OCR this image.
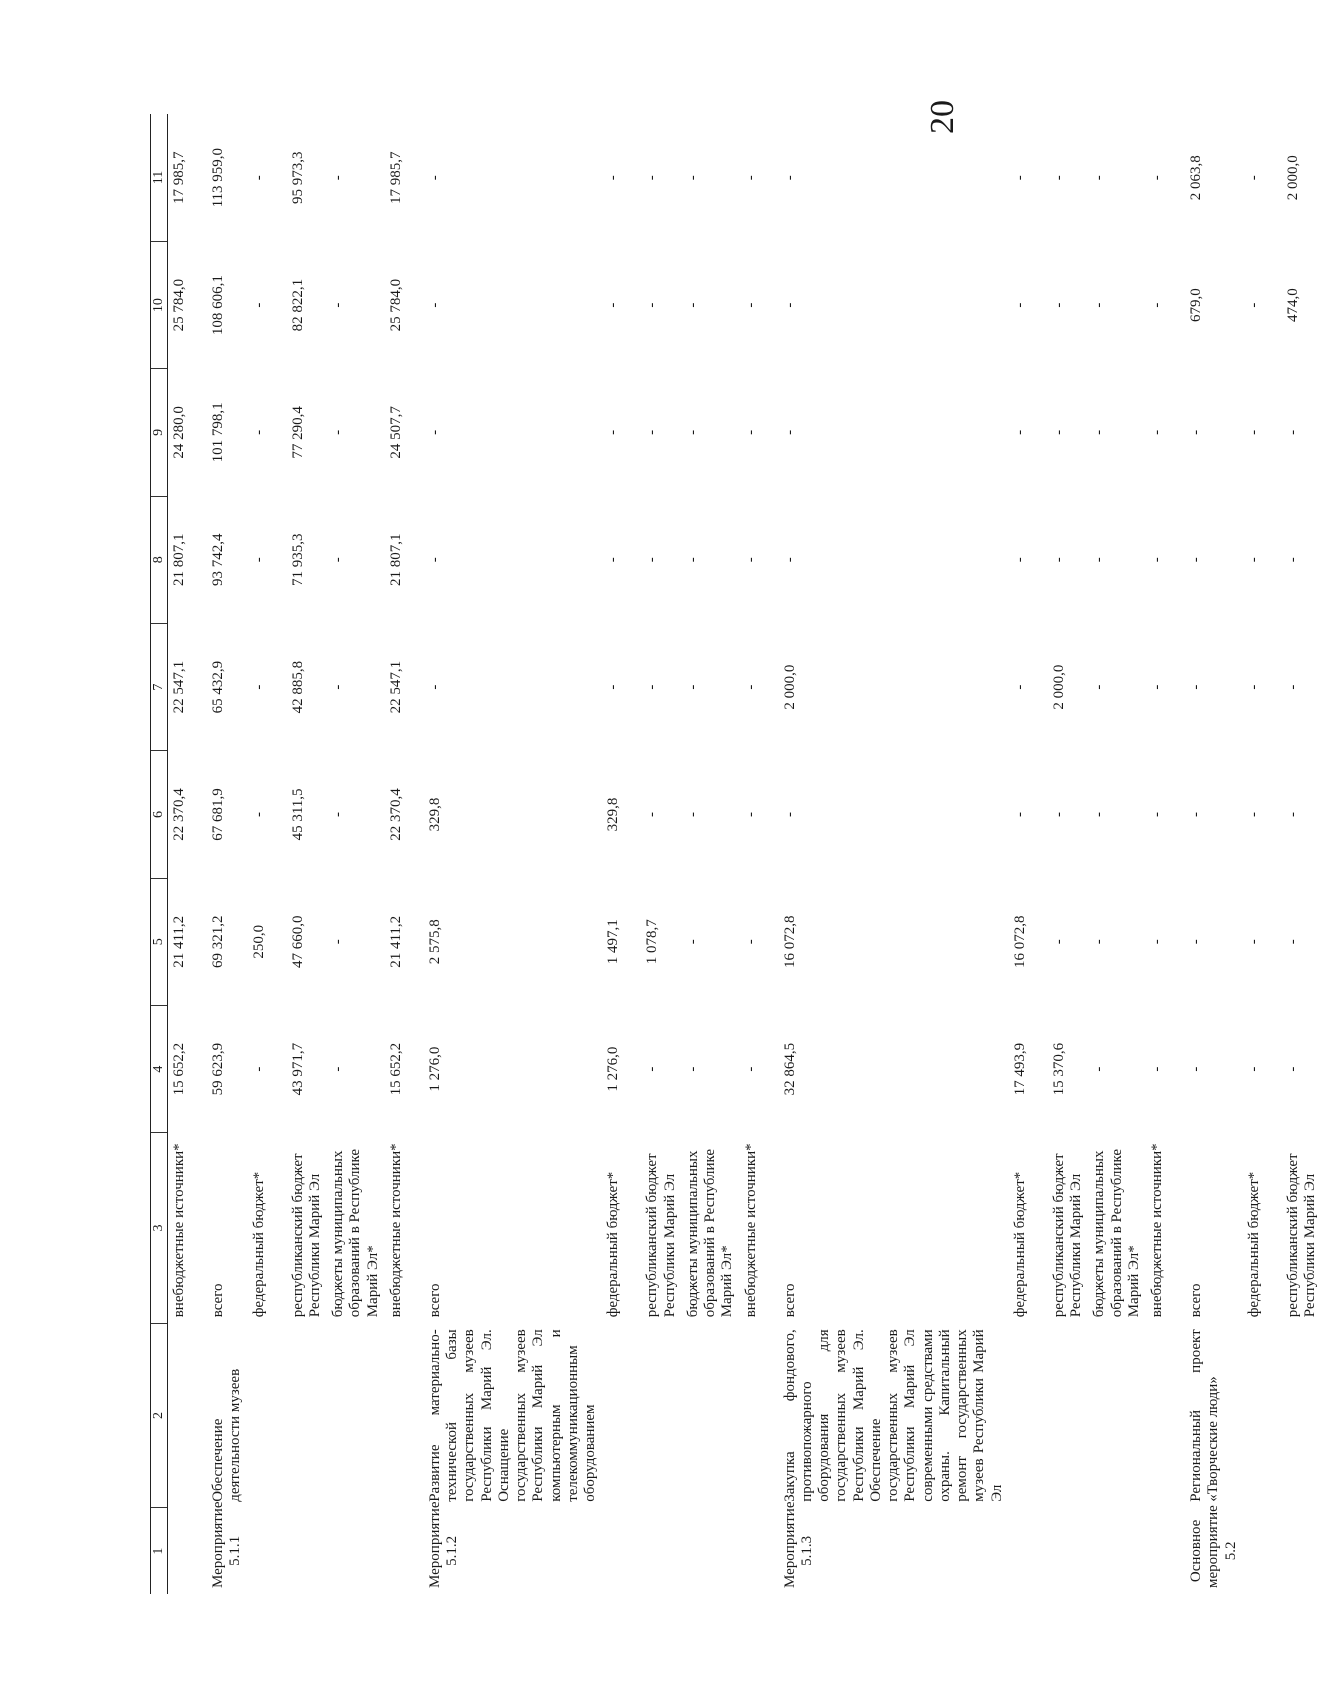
20
1	2	3	4	5	6	7	8	9	10	11
		внебюджетные источники*	15 652,2	21 411,2	22 370,4	22 547,1	21 807,1	24 280,0	25 784,0	17 985,7
Мероприятие 5.1.1	Обеспечение деятельности музеев	всего	59 623,9	69 321,2	67 681,9	65 432,9	93 742,4	101 798,1	108 606,1	113 959,0
		федеральный бюджет*	-	250,0	-	-	-	-	-	-
		республиканский бюджет Республики Марий Эл	43 971,7	47 660,0	45 311,5	42 885,8	71 935,3	77 290,4	82 822,1	95 973,3
		бюджеты муниципальных образований в Республике Марий Эл*	-	-	-	-	-	-	-	-
		внебюджетные источники*	15 652,2	21 411,2	22 370,4	22 547,1	21 807,1	24 507,7	25 784,0	17 985,7
Мероприятие 5.1.2	Развитие материально-технической базы государственных музеев Республики Марий Эл. Оснащение государственных музеев Республики Марий Эл компьютерным и телекоммуникационным оборудованием	всего	1 276,0	2 575,8	329,8	-	-	-	-	-
		федеральный бюджет*	1 276,0	1 497,1	329,8	-	-	-	-	-
		республиканский бюджет Республики Марий Эл	-	1 078,7	-	-	-	-	-	-
		бюджеты муниципальных образований в Республике Марий Эл*	-	-	-	-	-	-	-	-
		внебюджетные источники*	-	-	-	-	-	-	-	-
Мероприятие 5.1.3	Закупка фондового, противопожарного оборудования для государственных музеев Республики Марий Эл. Обеспечение государственных музеев Республики Марий Эл современными средствами охраны. Капитальный ремонт государственных музеев Республики Марий Эл	всего	32 864,5	16 072,8	-	2 000,0	-	-	-	-
		федеральный бюджет*	17 493,9	16 072,8	-	-	-	-	-	-
		республиканский бюджет Республики Марий Эл	15 370,6	-	-	2 000,0	-	-	-	-
		бюджеты муниципальных образований в Республике Марий Эл*	-	-	-	-	-	-	-	-
		внебюджетные источники*	-	-	-	-	-	-	-	-
Основное мероприятие 5.2	Региональный проект «Творческие люди»	всего	-	-	-	-	-	-	679,0	2 063,8
		федеральный бюджет*	-	-	-	-	-	-	-	-
		республиканский бюджет Республики Марий Эл	-	-	-	-	-	-	474,0	2 000,0
